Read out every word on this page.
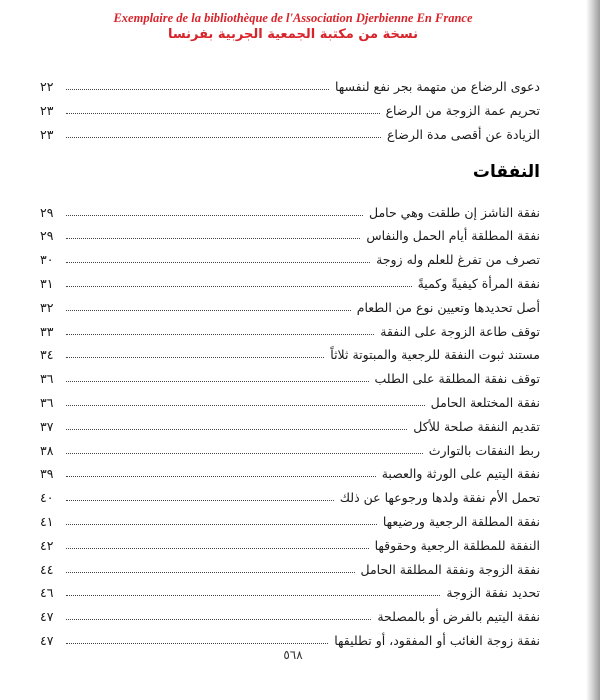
Exemplaire de la bibliothèque de l'Association Djerbienne En France
نسخة من مكتبة الجمعية الجربية بفرنسا
دعوى الرضاع من متهمة بجر نفع لنفسها
٢٢
تحريم عمة الزوجة من الرضاع
٢٣
الزيادة عن أقصى مدة الرضاع
٢٣
النفقات
نفقة الناشز إن طلقت وهي حامل
٢٩
نفقة المطلقة أيام الحمل والنفاس
٢٩
تصرف من تفرغ للعلم وله زوجة
٣٠
نفقة المرأة كيفيةً وكميةً
٣١
أصل تحديدها وتعيين نوع من الطعام
٣٢
توقف طاعة الزوجة على النفقة
٣٣
مستند ثبوت النفقة للرجعية والمبتوتة ثلاثاً
٣٤
توقف نفقة المطلقة على الطلب
٣٦
نفقة المختلعة الحامل
٣٦
تقديم النفقة صلحة للأكل
٣٧
ربط النفقات بالتوارث
٣٨
نفقة اليتيم على الورثة والعصبة
٣٩
تحمل الأم نفقة ولدها ورجوعها عن ذلك
٤٠
نفقة المطلقة الرجعية ورضيعها
٤١
النفقة للمطلقة الرجعية وحقوقها
٤٢
نفقة الزوجة ونفقة المطلقة الحامل
٤٤
تحديد نفقة الزوجة
٤٦
نفقة اليتيم بالفرض أو بالمصلحة
٤٧
نفقة زوجة الغائب أو المفقود، أو تطليقها
٤٧
٥٦٨
